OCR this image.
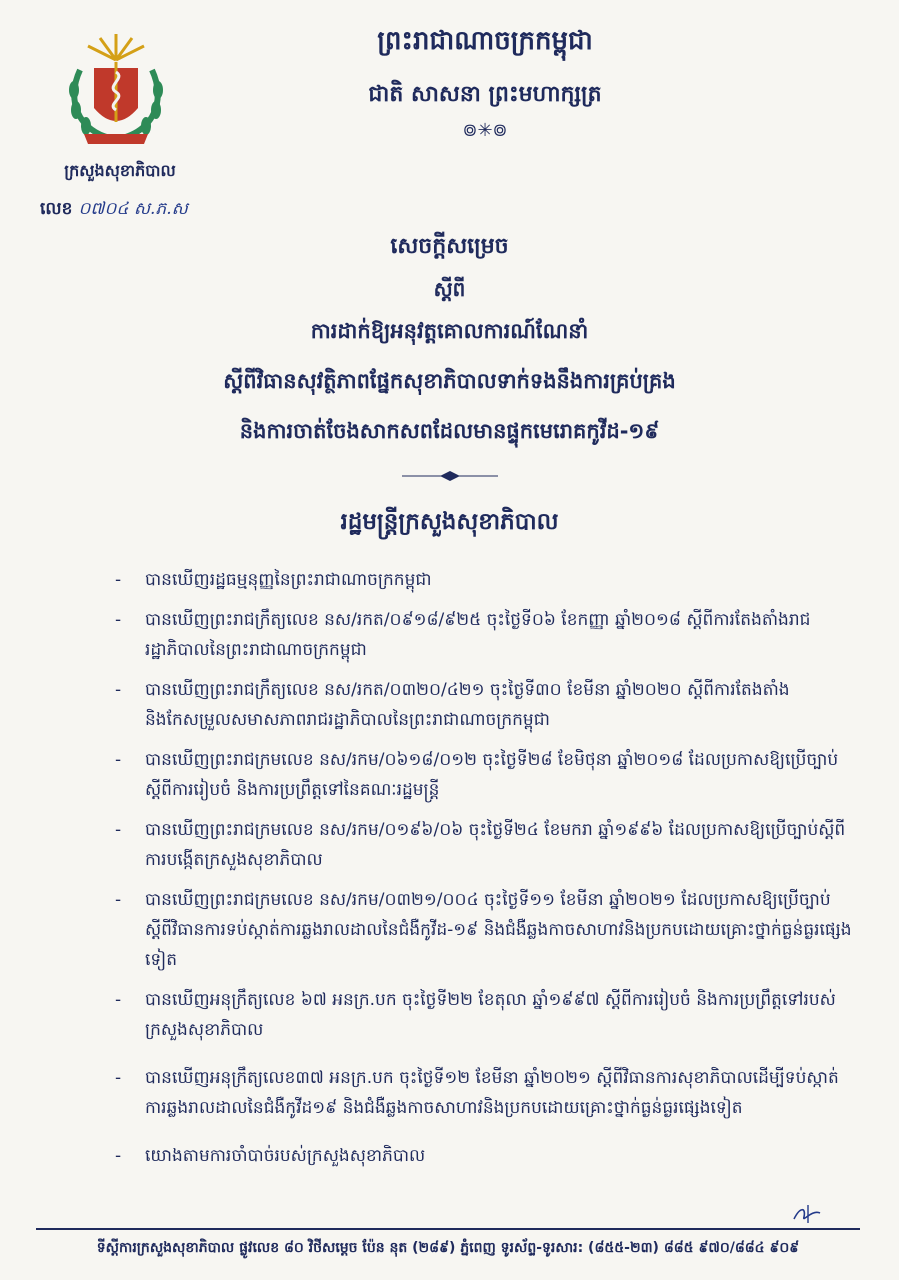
ក្រសួងសុខាភិបាល
លេខ ០៧០៤ ស.ភ.ស
ព្រះរាជាណាចក្រកម្ពុជា
ជាតិ សាសនា ព្រះមហាក្សត្រ
៙✳៙
សេចក្តីសម្រេច
ស្តីពី
ការដាក់ឱ្យអនុវត្តគោលការណ៍ណែនាំ
ស្តីពីវិធានសុវត្ថិភាពផ្នែកសុខាភិបាលទាក់ទងនឹងការគ្រប់គ្រង
និងការចាត់ចែងសាកសពដែលមានផ្ទុកមេរោគកូវីដ-១៩
រដ្ឋមន្ត្រីក្រសួងសុខាភិបាល
- បានឃើញរដ្ឋធម្មនុញ្ញនៃព្រះរាជាណាចក្រកម្ពុជា
- បានឃើញព្រះរាជក្រឹត្យលេខ នស/រកត/០៩១៨/៩២៥ ចុះថ្ងៃទី០៦ ខែកញ្ញា ឆ្នាំ២០១៨ ស្តីពីការតែងតាំងរាជរដ្ឋាភិបាលនៃព្រះរាជាណាចក្រកម្ពុជា
- បានឃើញព្រះរាជក្រឹត្យលេខ នស/រកត/០៣២០/៤២១ ចុះថ្ងៃទី៣០ ខែមីនា ឆ្នាំ២០២០ ស្តីពីការតែងតាំង និងកែសម្រួលសមាសភាពរាជរដ្ឋាភិបាលនៃព្រះរាជាណាចក្រកម្ពុជា
- បានឃើញព្រះរាជក្រមលេខ នស/រកម/០៦១៨/០១២ ចុះថ្ងៃទី២៨ ខែមិថុនា ឆ្នាំ២០១៨ ដែលប្រកាសឱ្យប្រើច្បាប់ស្តីពីការរៀបចំ និងការប្រព្រឹត្តទៅនៃគណៈរដ្ឋមន្ត្រី
- បានឃើញព្រះរាជក្រមលេខ នស/រកម/០១៩៦/០៦ ចុះថ្ងៃទី២៤ ខែមករា ឆ្នាំ១៩៩៦ ដែលប្រកាសឱ្យប្រើច្បាប់ស្តីពីការបង្កើតក្រសួងសុខាភិបាល
- បានឃើញព្រះរាជក្រមលេខ នស/រកម/០៣២១/០០៤ ចុះថ្ងៃទី១១ ខែមីនា ឆ្នាំ២០២១ ដែលប្រកាសឱ្យប្រើច្បាប់ស្តីពីវិធានការទប់ស្កាត់ការឆ្លងរាលដាលនៃជំងឺកូវីដ-១៩ និងជំងឺឆ្លងកាចសាហាវនិងប្រកបដោយគ្រោះថ្នាក់ធ្ងន់ធ្ងរផ្សេងទៀត
- បានឃើញអនុក្រឹត្យលេខ ៦៧ អនក្រ.បក ចុះថ្ងៃទី២២ ខែតុលា ឆ្នាំ១៩៩៧ ស្តីពីការរៀបចំ និងការប្រព្រឹត្តទៅរបស់ក្រសួងសុខាភិបាល
- បានឃើញអនុក្រឹត្យលេខ៣៧ អនក្រ.បក ចុះថ្ងៃទី១២ ខែមីនា ឆ្នាំ២០២១ ស្តីពីវិធានការសុខាភិបាលដើម្បីទប់ស្កាត់ការឆ្លងរាលដាលនៃជំងឺកូវីដ១៩ និងជំងឺឆ្លងកាចសាហាវនិងប្រកបដោយគ្រោះថ្នាក់ធ្ងន់ធ្ងរផ្សេងទៀត
- យោងតាមការចាំបាច់របស់ក្រសួងសុខាភិបាល
ទីស្តីការក្រសួងសុខាភិបាល ផ្លូវលេខ ៨០ វិថីសម្តេច ប៉ែន នុត (២៨៩) ភ្នំពេញ ទូរស័ព្ទ-ទូរសារ: (៨៥៥-២៣) ៨៨៥ ៩៧០/៨៨៤ ៩០៩
